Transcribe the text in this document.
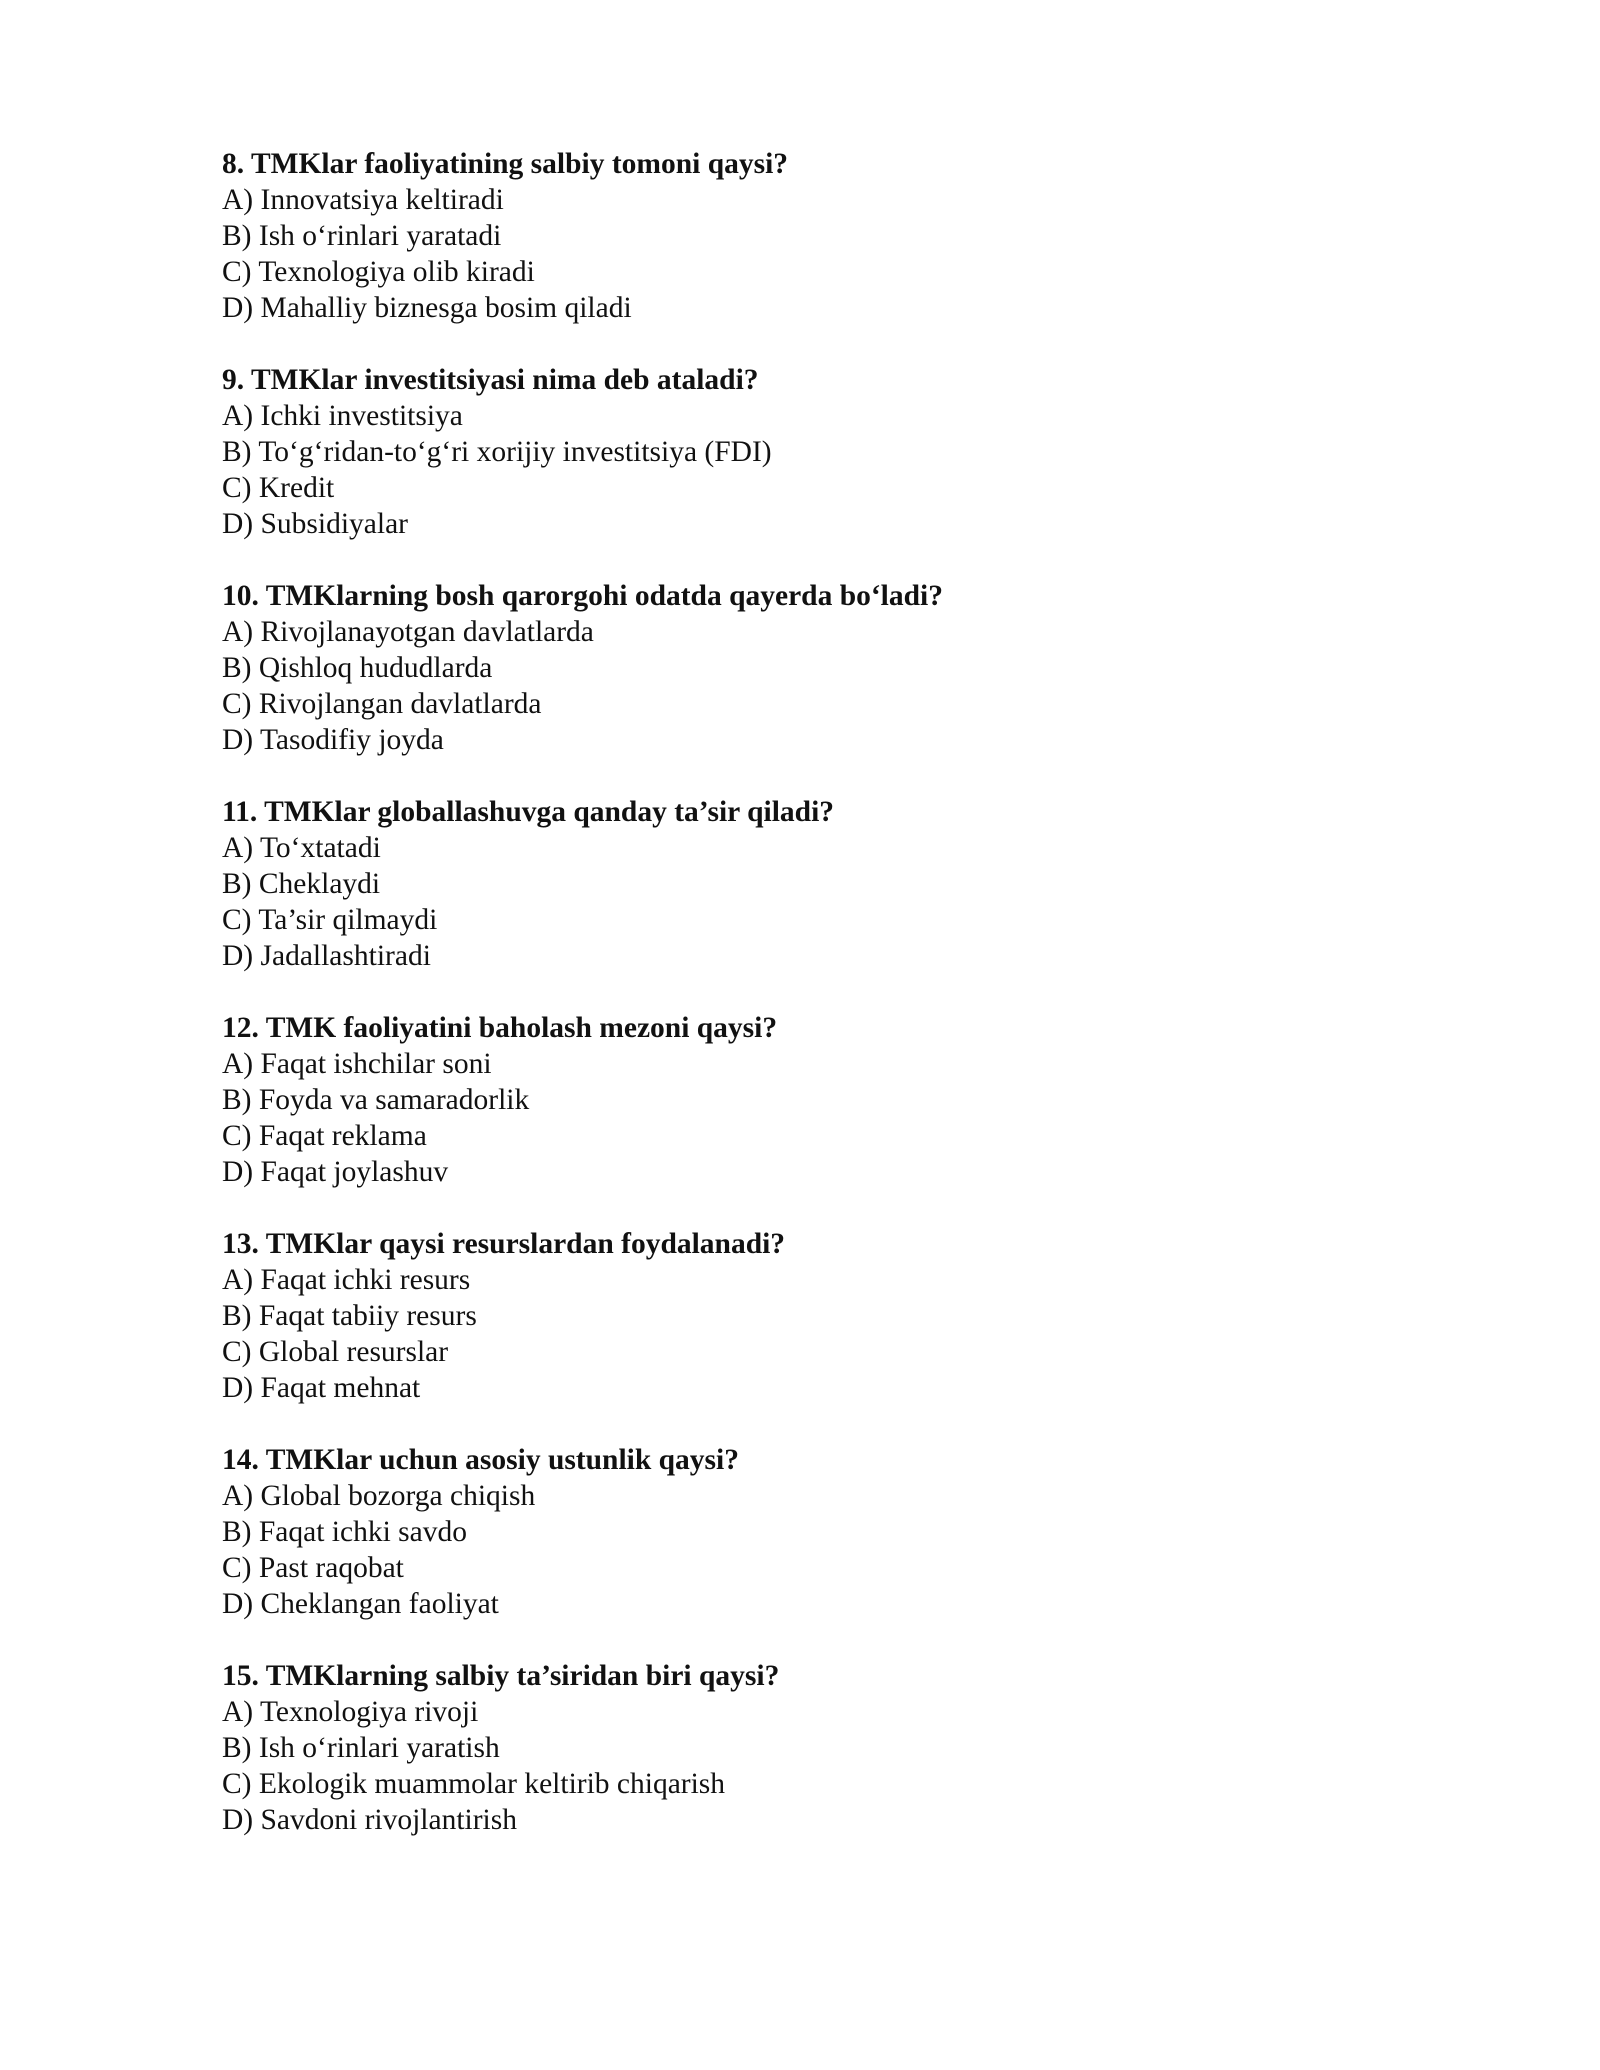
8. TMKlar faoliyatining salbiy tomoni qaysi?
A) Innovatsiya keltiradi
B) Ish o‘rinlari yaratadi
C) Texnologiya olib kiradi
D) Mahalliy biznesga bosim qiladi
9. TMKlar investitsiyasi nima deb ataladi?
A) Ichki investitsiya
B) To‘g‘ridan-to‘g‘ri xorijiy investitsiya (FDI)
C) Kredit
D) Subsidiyalar
10. TMKlarning bosh qarorgohi odatda qayerda bo‘ladi?
A) Rivojlanayotgan davlatlarda
B) Qishloq hududlarda
C) Rivojlangan davlatlarda
D) Tasodifiy joyda
11. TMKlar globallashuvga qanday ta’sir qiladi?
A) To‘xtatadi
B) Cheklaydi
C) Ta’sir qilmaydi
D) Jadallashtiradi
12. TMK faoliyatini baholash mezoni qaysi?
A) Faqat ishchilar soni
B) Foyda va samaradorlik
C) Faqat reklama
D) Faqat joylashuv
13. TMKlar qaysi resurslardan foydalanadi?
A) Faqat ichki resurs
B) Faqat tabiiy resurs
C) Global resurslar
D) Faqat mehnat
14. TMKlar uchun asosiy ustunlik qaysi?
A) Global bozorga chiqish
B) Faqat ichki savdo
C) Past raqobat
D) Cheklangan faoliyat
15. TMKlarning salbiy ta’siridan biri qaysi?
A) Texnologiya rivoji
B) Ish o‘rinlari yaratish
C) Ekologik muammolar keltirib chiqarish
D) Savdoni rivojlantirish
